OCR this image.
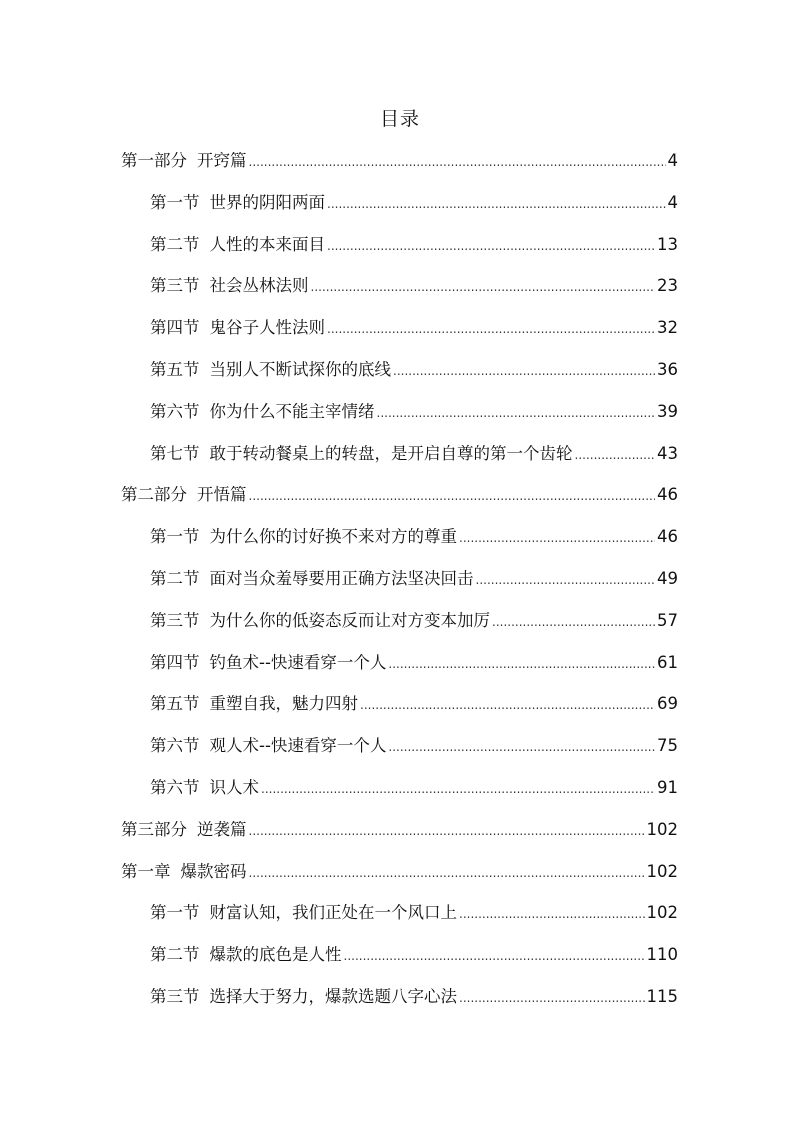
目录
第一部分 开窍篇 .....	4
第一节 世界的阴阳两面 .....	4
第二节 人性的本来面目 .....	13
第三节 社会丛林法则 .....	23
第四节 鬼谷子人性法则 .....	32
第五节 当别人不断试探你的底线 .....	36
第六节 你为什么不能主宰情绪 .....	39
第七节 敢于转动餐桌上的转盘，是开启自尊的第一个齿轮 .....	43
第二部分 开悟篇 .....	46
第一节 为什么你的讨好换不来对方的尊重 .....	46
第二节 面对当众羞辱要用正确方法坚决回击 .....	49
第三节 为什么你的低姿态反而让对方变本加厉 .....	57
第四节 钓鱼术--快速看穿一个人 .....	61
第五节 重塑自我，魅力四射 .....	69
第六节 观人术--快速看穿一个人 .....	75
第六节 识人术 .....	91
第三部分 逆袭篇 .....	102
第一章 爆款密码 .....	102
第一节 财富认知，我们正处在一个风口上 .....	102
第二节 爆款的底色是人性 .....	110
第三节 选择大于努力，爆款选题八字心法 .....	115
